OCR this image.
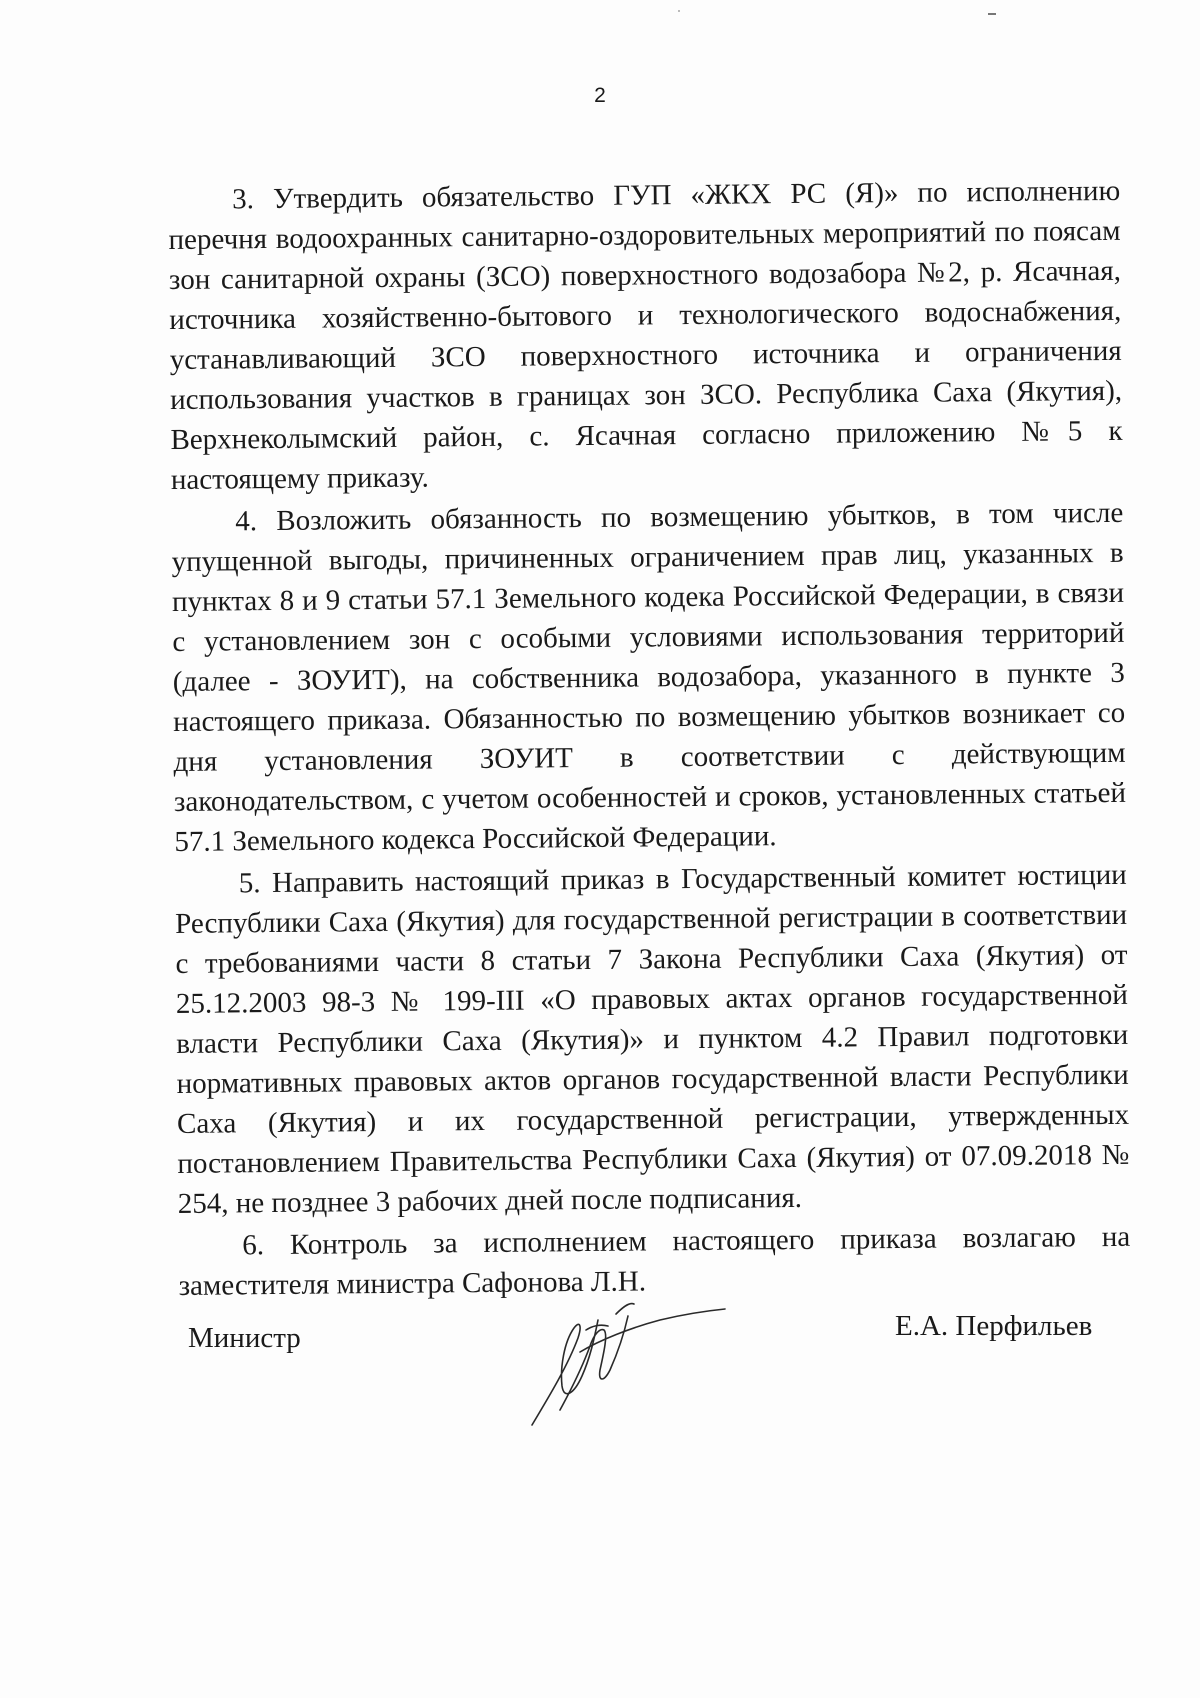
2

3. Утвердить обязательство ГУП «ЖКХ РС (Я)» по исполнению перечня водоохранных санитарно-оздоровительных мероприятий по поясам зон санитарной охраны (ЗСО) поверхностного водозабора №2, р. Ясачная, источника хозяйственно-бытового и технологического водоснабжения, устанавливающий ЗСО поверхностного источника и ограничения использования участков в границах зон ЗСО. Республика Саха (Якутия), Верхнеколымский район, с. Ясачная согласно приложению №5 к настоящему приказу.

4. Возложить обязанность по возмещению убытков, в том числе упущенной выгоды, причиненных ограничением прав лиц, указанных в пунктах 8 и 9 статьи 57.1 Земельного кодека Российской Федерации, в связи с установлением зон с особыми условиями использования территорий (далее - ЗОУИТ), на собственника водозабора, указанного в пункте 3 настоящего приказа. Обязанностью по возмещению убытков возникает со дня установления ЗОУИТ в соответствии с действующим законодательством, с учетом особенностей и сроков, установленных статьей 57.1 Земельного кодекса Российской Федерации.

5. Направить настоящий приказ в Государственный комитет юстиции Республики Саха (Якутия) для государственной регистрации в соответствии с требованиями части 8 статьи 7 Закона Республики Саха (Якутия) от 25.12.2003 98-3 № 199-III «О правовых актах органов государственной власти Республики Саха (Якутия)» и пунктом 4.2 Правил подготовки нормативных правовых актов органов государственной власти Республики Саха (Якутия) и их государственной регистрации, утвержденных постановлением Правительства Республики Саха (Якутия) от 07.09.2018 № 254, не позднее 3 рабочих дней после подписания.

6. Контроль за исполнением настоящего приказа возлагаю на заместителя министра Сафонова Л.Н.

Министр	Е.А. Перфильев
